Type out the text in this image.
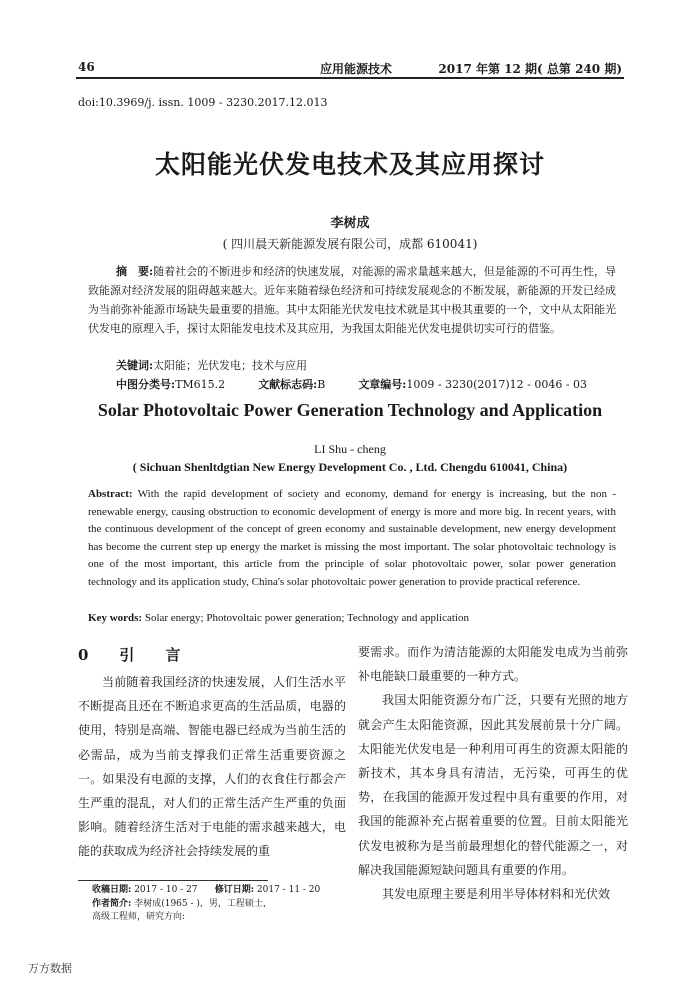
46	应用能源技术	2017 年第 12 期( 总第 240 期)
doi:10.3969/j. issn. 1009 - 3230.2017.12.013
太阳能光伏发电技术及其应用探讨
李树成
( 四川晨天新能源发展有限公司，成都 610041)
摘　要:随着社会的不断进步和经济的快速发展，对能源的需求量越来越大，但是能源的不可再生性，导致能源对经济发展的阻碍越来越大。近年来随着绿色经济和可持续发展观念的不断发展，新能源的开发已经成为当前弥补能源市场缺失最重要的措施。其中太阳能光伏发电技术就是其中极其重要的一个，文中从太阳能光伏发电的原理入手，探讨太阳能发电技术及其应用，为我国太阳能光伏发电提供切实可行的借鉴。
关键词:太阳能；光伏发电；技术与应用
中图分类号:TM615.2	文献标志码:B	文章编号:1009 - 3230(2017)12 - 0046 - 03
Solar Photovoltaic Power Generation Technology and Application
LI Shu - cheng
( Sichuan Shenltdgtian New Energy Development Co. , Ltd. Chengdu 610041, China)
Abstract: With the rapid development of society and economy, demand for energy is increasing, but the non - renewable energy, causing obstruction to economic development of energy is more and more big. In recent years, with the continuous development of the concept of green economy and sustainable development, new energy development has become the current step up energy the market is missing the most important. The solar photovoltaic technology is one of the most important, this article from the principle of solar photovoltaic power, solar power generation technology and its application study, China's solar photovoltaic power generation to provide practical reference.
Key words: Solar energy; Photovoltaic power generation; Technology and application
0　引　言

当前随着我国经济的快速发展，人们生活水平不断提高且还在不断追求更高的生活品质，电器的使用，特别是高端、智能电器已经成为当前生活的必需品，成为当前支撑我们正常生活重要资源之一。如果没有电源的支撑，人们的衣食住行都会产生严重的混乱，对人们的正常生活产生严重的负面影响。随着经济生活对于电能的需求越来越大，电能的获取成为经济社会持续发展的重

要需求。而作为清洁能源的太阳能发电成为当前弥补电能缺口最重要的一种方式。

我国太阳能资源分布广泛，只要有光照的地方就会产生太阳能资源，因此其发展前景十分广阔。太阳能光伏发电是一种利用可再生的资源太阳能的新技术，其本身具有清洁，无污染，可再生的优势，在我国的能源开发过程中具有重要的作用，对我国的能源补充占据着重要的位置。目前太阳能光伏发电被称为是当前最理想化的替代能源之一，对解决我国能源短缺问题具有重要的作用。

其发电原理主要是利用半导体材料和光伏效

收稿日期: 2017 - 10 - 27 修订日期: 2017 - 11 - 20
作者简介: 李树成(1965 - )，男，工程硕士，高级工程师，研究方向:
万方数据
